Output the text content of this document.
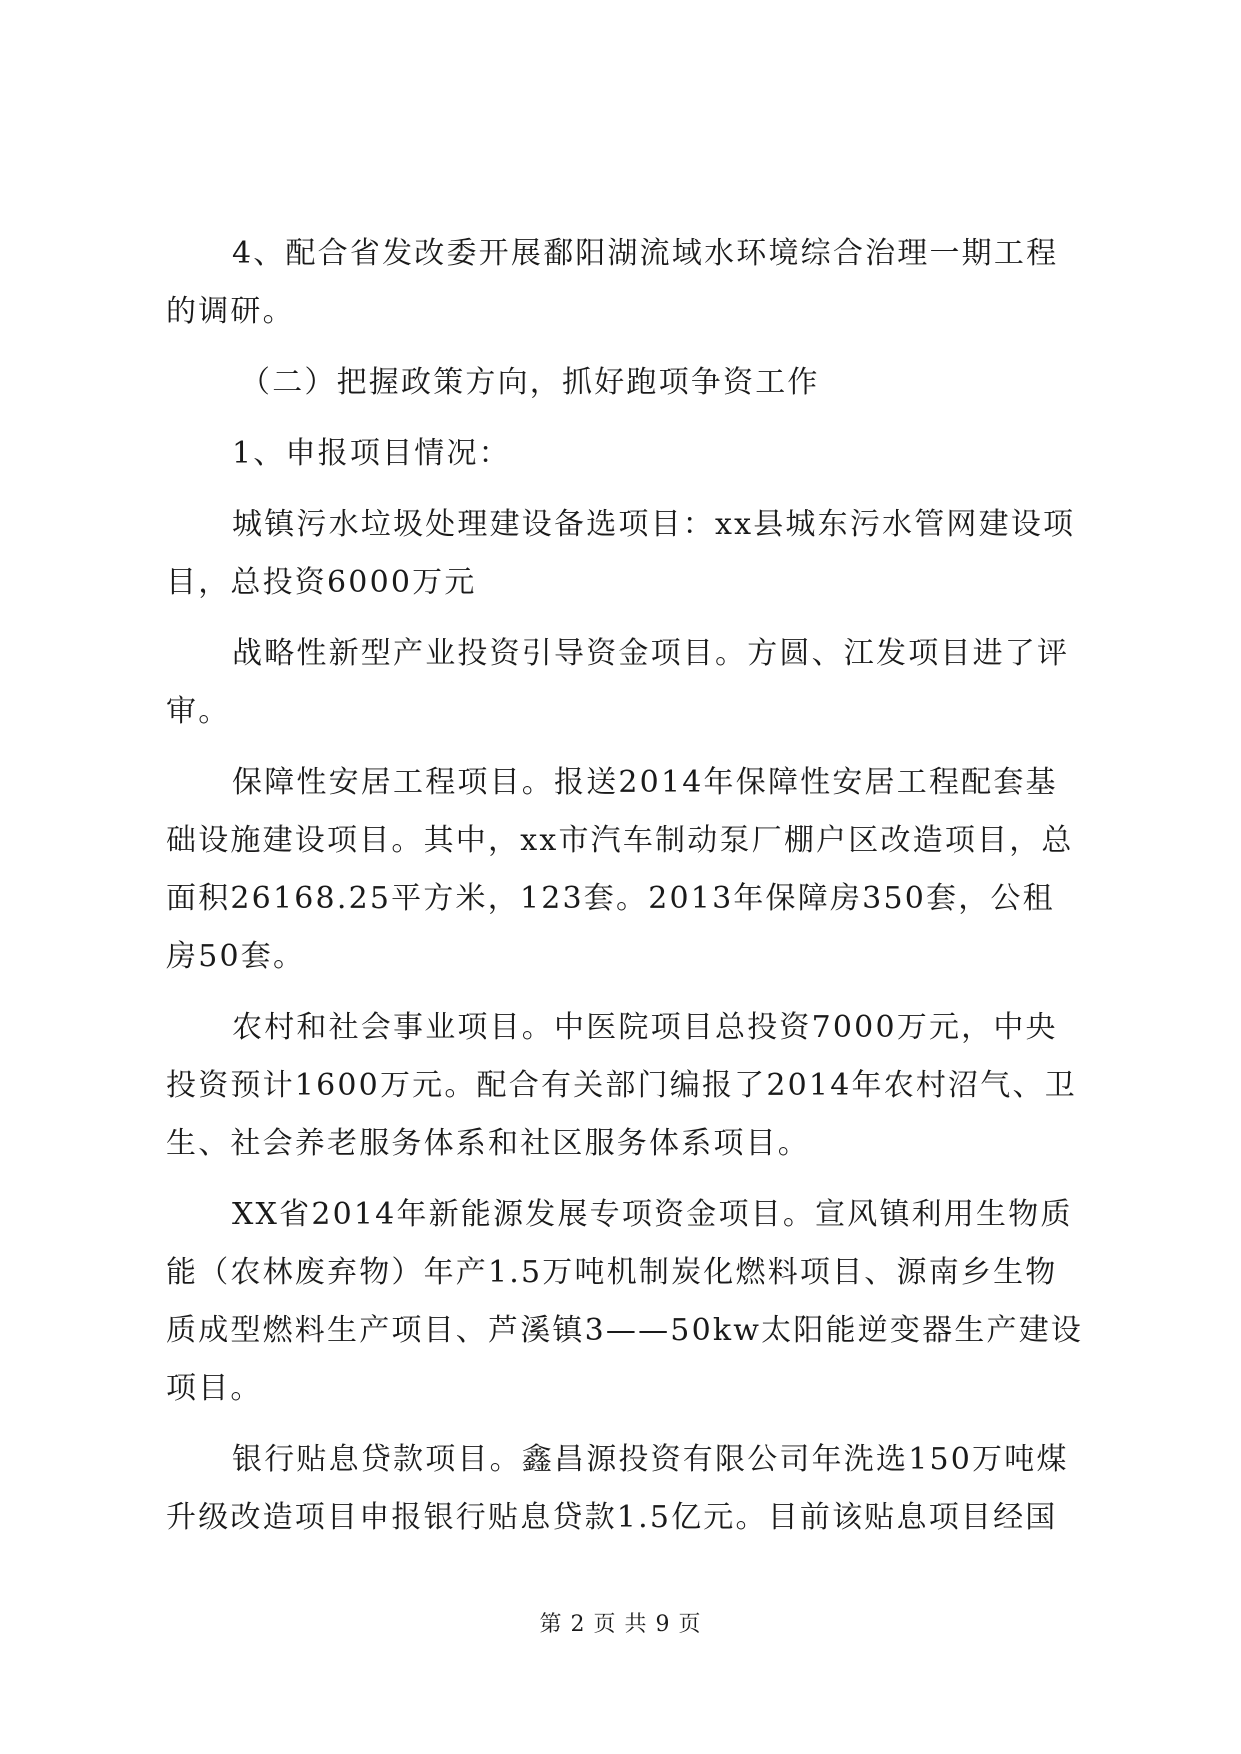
4、配合省发改委开展鄱阳湖流域水环境综合治理一期工程的调研。

（二）把握政策方向，抓好跑项争资工作

1、申报项目情况：

城镇污水垃圾处理建设备选项目：xx县城东污水管网建设项目，总投资6000万元

战略性新型产业投资引导资金项目。方圆、江发项目进了评审。

保障性安居工程项目。报送2014年保障性安居工程配套基础设施建设项目。其中，xx市汽车制动泵厂棚户区改造项目，总面积26168.25平方米，123套。2013年保障房350套，公租房50套。

农村和社会事业项目。中医院项目总投资7000万元，中央投资预计1600万元。配合有关部门编报了2014年农村沼气、卫生、社会养老服务体系和社区服务体系项目。

XX省2014年新能源发展专项资金项目。宣风镇利用生物质能（农林废弃物）年产1.5万吨机制炭化燃料项目、源南乡生物质成型燃料生产项目、芦溪镇3——50kw太阳能逆变器生产建设项目。

银行贴息贷款项目。鑫昌源投资有限公司年洗选150万吨煤升级改造项目申报银行贴息贷款1.5亿元。目前该贴息项目经国

第 2 页 共 9 页
